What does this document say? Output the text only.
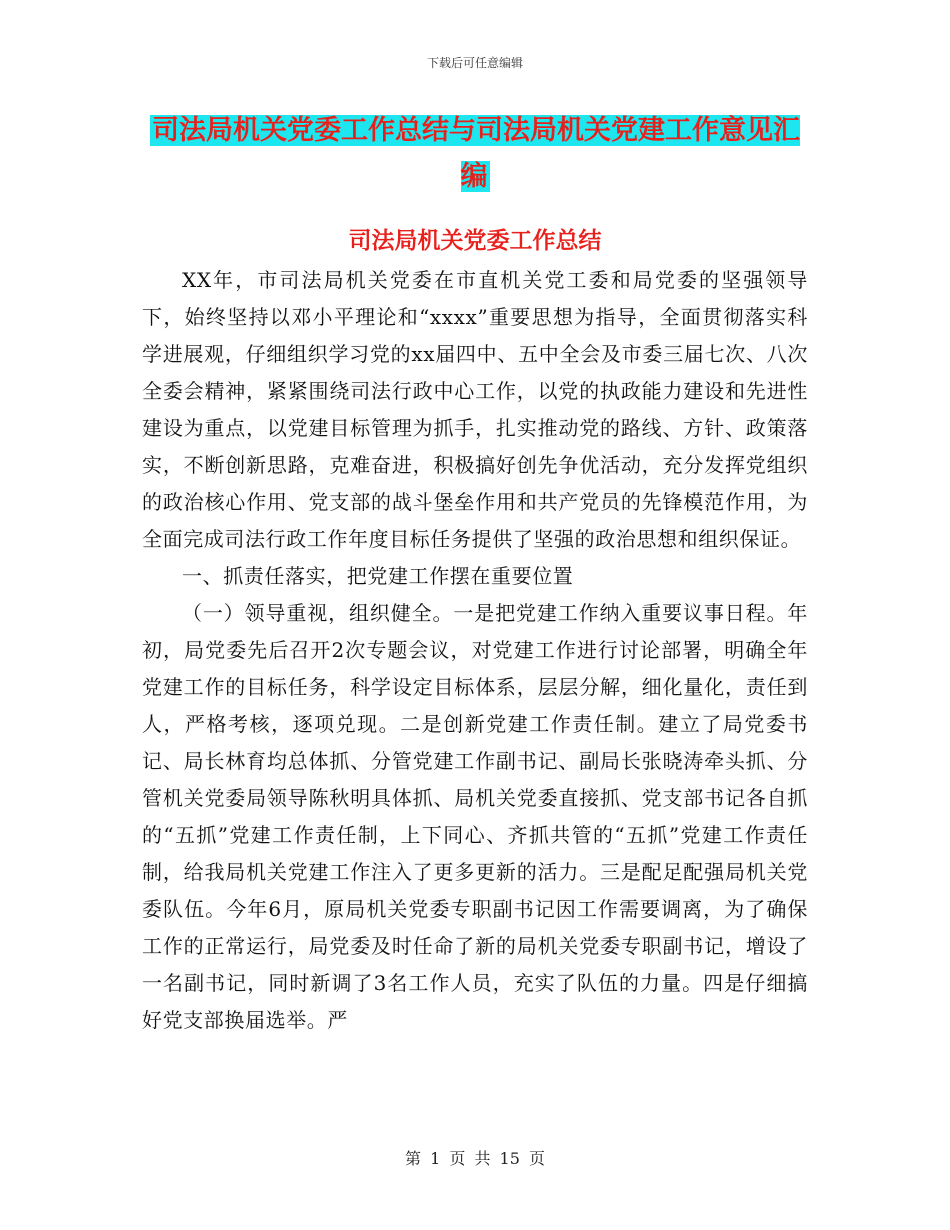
下载后可任意编辑
司法局机关党委工作总结与司法局机关党建工作意见汇编
司法局机关党委工作总结

XX年，市司法局机关党委在市直机关党工委和局党委的坚强领导下，始终坚持以邓小平理论和“xxxx”重要思想为指导，全面贯彻落实科学进展观，仔细组织学习党的xx届四中、五中全会及市委三届七次、八次全委会精神，紧紧围绕司法行政中心工作，以党的执政能力建设和先进性建设为重点，以党建目标管理为抓手，扎实推动党的路线、方针、政策落实，不断创新思路，克难奋进，积极搞好创先争优活动，充分发挥党组织的政治核心作用、党支部的战斗堡垒作用和共产党员的先锋模范作用，为全面完成司法行政工作年度目标任务提供了坚强的政治思想和组织保证。

一、抓责任落实，把党建工作摆在重要位置

（一）领导重视，组织健全。一是把党建工作纳入重要议事日程。年初，局党委先后召开2次专题会议，对党建工作进行讨论部署，明确全年党建工作的目标任务，科学设定目标体系，层层分解，细化量化，责任到人，严格考核，逐项兑现。二是创新党建工作责任制。建立了局党委书记、局长林育均总体抓、分管党建工作副书记、副局长张晓涛牵头抓、分管机关党委局领导陈秋明具体抓、局机关党委直接抓、党支部书记各自抓的“五抓”党建工作责任制，上下同心、齐抓共管的“五抓”党建工作责任制，给我局机关党建工作注入了更多更新的活力。三是配足配强局机关党委队伍。今年6月，原局机关党委专职副书记因工作需要调离，为了确保工作的正常运行，局党委及时任命了新的局机关党委专职副书记，增设了一名副书记，同时新调了3名工作人员，充实了队伍的力量。四是仔细搞好党支部换届选举。严

第 1 页 共 15 页
